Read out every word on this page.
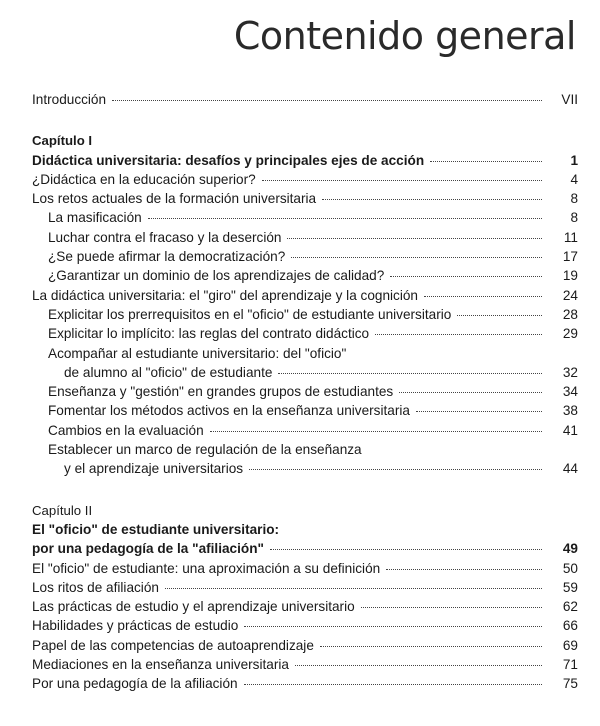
Contenido general
Introducción	VII
Capítulo I
Didáctica universitaria: desafíos y principales ejes de acción	1
¿Didáctica en la educación superior?	4
Los retos actuales de la formación universitaria	8
La masificación	8
Luchar contra el fracaso y la deserción	11
¿Se puede afirmar la democratización?	17
¿Garantizar un dominio de los aprendizajes de calidad?	19
La didáctica universitaria: el "giro" del aprendizaje y la cognición	24
Explicitar los prerrequisitos en el "oficio" de estudiante universitario	28
Explicitar lo implícito: las reglas del contrato didáctico	29
Acompañar al estudiante universitario: del "oficio"
de alumno al "oficio" de estudiante	32
Enseñanza y "gestión" en grandes grupos de estudiantes	34
Fomentar los métodos activos en la enseñanza universitaria	38
Cambios en la evaluación	41
Establecer un marco de regulación de la enseñanza
y el aprendizaje universitarios	44
Capítulo II
El "oficio" de estudiante universitario:
por una pedagogía de la "afiliación"	49
El "oficio" de estudiante: una aproximación a su definición	50
Los ritos de afiliación	59
Las prácticas de estudio y el aprendizaje universitario	62
Habilidades y prácticas de estudio	66
Papel de las competencias de autoaprendizaje	69
Mediaciones en la enseñanza universitaria	71
Por una pedagogía de la afiliación	75
